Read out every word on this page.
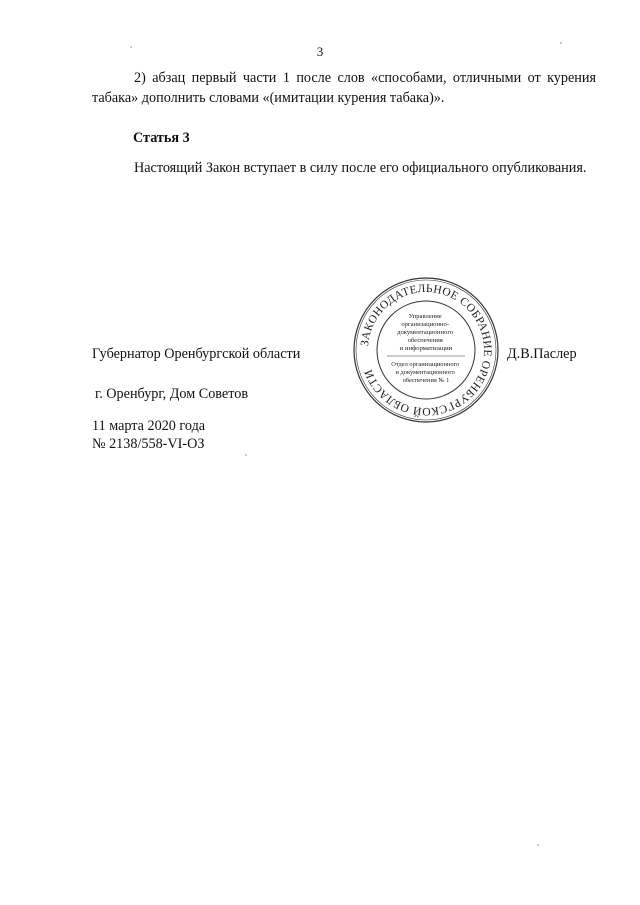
3
2) абзац первый части 1 после слов «способами, отличными от курения табака» дополнить словами «(имитации курения табака)».
Статья 3
Настоящий Закон вступает в силу после его официального опубликования.
Губернатор Оренбургской области	Д.В.Паслер
ЗАКОНОДАТЕЛЬНОЕ СОБРАНИЕ ОРЕНБУРГСКОЙ ОБЛАСТИ
Управление организационно- документационного обеспечения и информатизации
Отдел организационного и документационного обеспечения № 1
г. Оренбург, Дом Советов
11 марта 2020 года
№ 2138/558-VI-ОЗ
